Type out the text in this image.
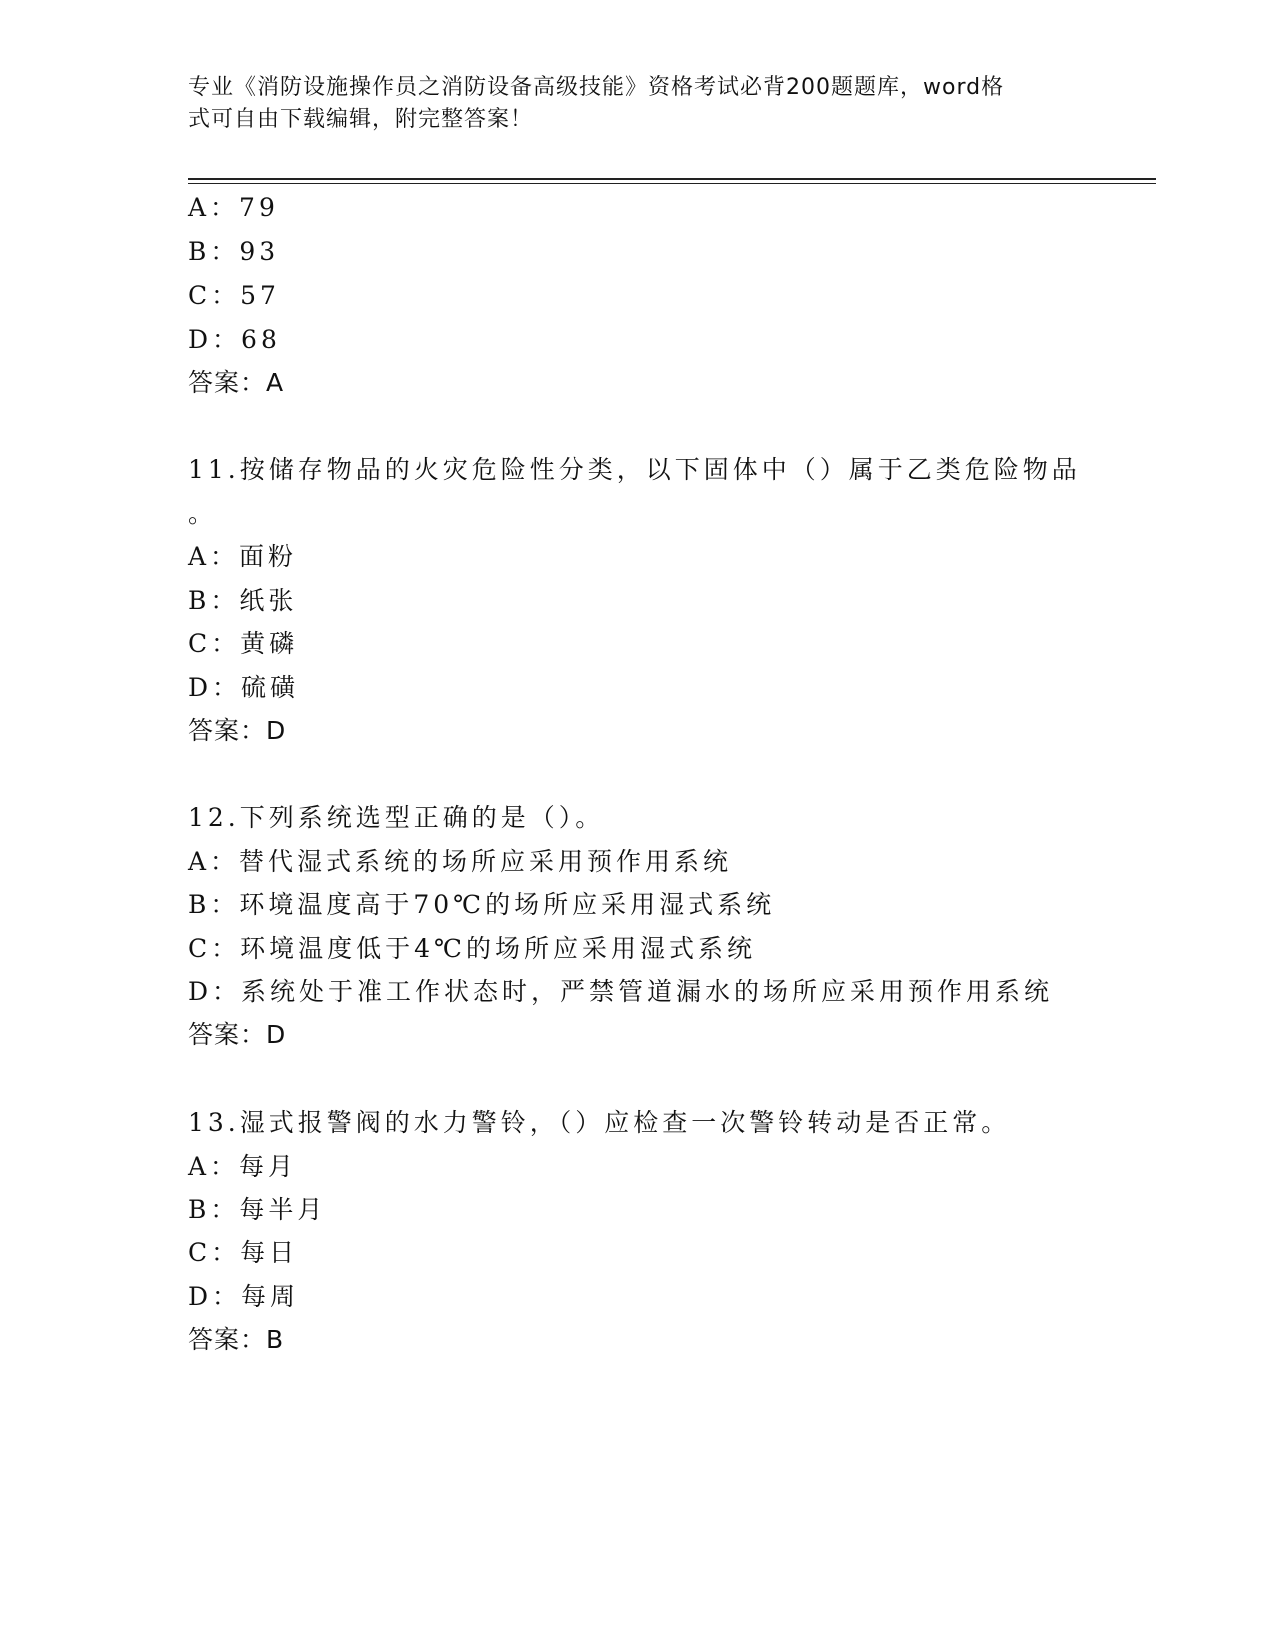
专业《消防设施操作员之消防设备高级技能》资格考试必背200题题库，word格
式可自由下载编辑，附完整答案！
A：79
B：93
C：57
D：68
答案：A
11.按储存物品的火灾危险性分类，以下固体中（）属于乙类危险物品
。
A：面粉
B：纸张
C：黄磷
D：硫磺
答案：D
12.下列系统选型正确的是（）。
A：替代湿式系统的场所应采用预作用系统
B：环境温度高于70℃的场所应采用湿式系统
C：环境温度低于4℃的场所应采用湿式系统
D：系统处于准工作状态时，严禁管道漏水的场所应采用预作用系统
答案：D
13.湿式报警阀的水力警铃，（）应检查一次警铃转动是否正常。
A：每月
B：每半月
C：每日
D：每周
答案：B
